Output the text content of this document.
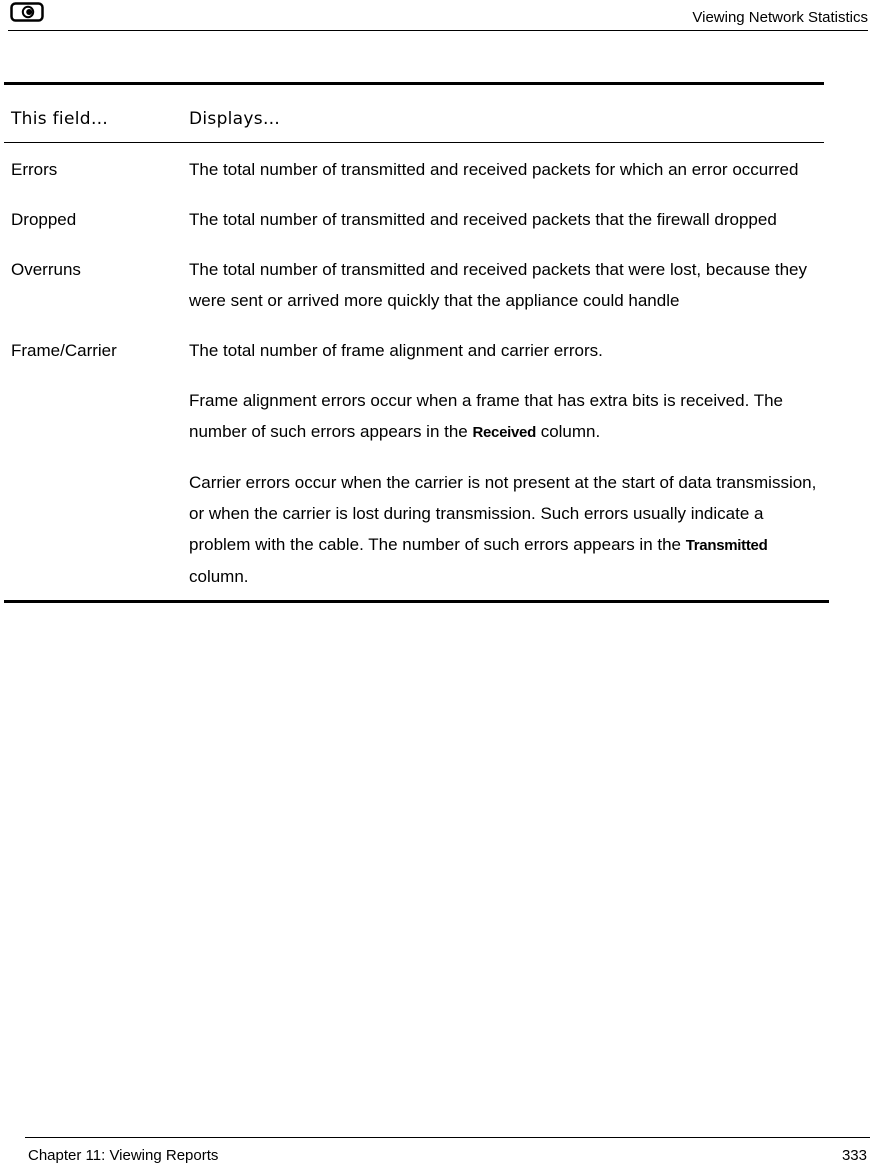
Viewing Network Statistics
This field…	Displays…
Errors	The total number of transmitted and received packets for which an error occurred

Dropped	The total number of transmitted and received packets that the firewall dropped

Overruns	The total number of transmitted and received packets that were lost, because they were sent or arrived more quickly that the appliance could handle

Frame/Carrier	The total number of frame alignment and carrier errors.

Frame alignment errors occur when a frame that has extra bits is received. The number of such errors appears in the Received column.

Carrier errors occur when the carrier is not present at the start of data transmission, or when the carrier is lost during transmission. Such errors usually indicate a problem with the cable. The number of such errors appears in the Transmitted column.

Chapter 11: Viewing Reports	333
